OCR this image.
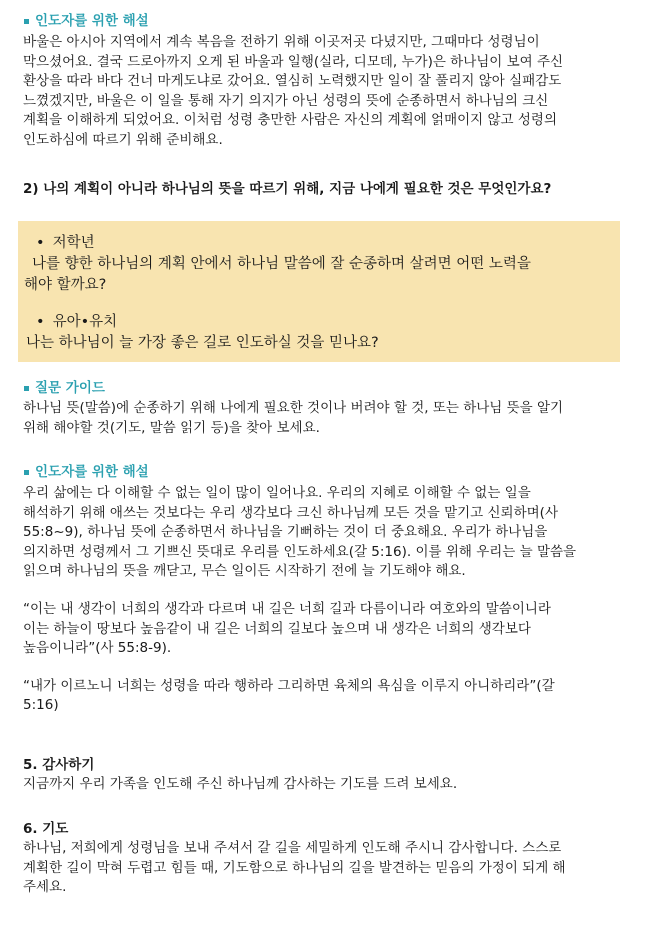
인도자를 위한 해설

바울은 아시아 지역에서 계속 복음을 전하기 위해 이곳저곳 다녔지만, 그때마다 성령님이
막으셨어요. 결국 드로아까지 오게 된 바울과 일행(실라, 디모데, 누가)은 하나님이 보여 주신
환상을 따라 바다 건너 마게도냐로 갔어요. 열심히 노력했지만 일이 잘 풀리지 않아 실패감도
느꼈겠지만, 바울은 이 일을 통해 자기 의지가 아닌 성령의 뜻에 순종하면서 하나님의 크신
계획을 이해하게 되었어요. 이처럼 성령 충만한 사람은 자신의 계획에 얽매이지 않고 성령의
인도하심에 따르기 위해 준비해요.

2) 나의 계획이 아니라 하나님의 뜻을 따르기 위해, 지금 나에게 필요한 것은 무엇인가요?
• 저학년
나를 향한 하나님의 계획 안에서 하나님 말씀에 잘 순종하며 살려면 어떤 노력을
해야 할까요?
• 유아•유치
나는 하나님이 늘 가장 좋은 길로 인도하실 것을 믿나요?
질문 가이드

하나님 뜻(말씀)에 순종하기 위해 나에게 필요한 것이나 버려야 할 것, 또는 하나님 뜻을 알기
위해 해야할 것(기도, 말씀 읽기 등)을 찾아 보세요.

인도자를 위한 해설

우리 삶에는 다 이해할 수 없는 일이 많이 일어나요. 우리의 지혜로 이해할 수 없는 일을
해석하기 위해 애쓰는 것보다는 우리 생각보다 크신 하나님께 모든 것을 맡기고 신뢰하며(사
55:8~9), 하나님 뜻에 순종하면서 하나님을 기뻐하는 것이 더 중요해요. 우리가 하나님을
의지하면 성령께서 그 기쁘신 뜻대로 우리를 인도하세요(갈 5:16). 이를 위해 우리는 늘 말씀을
읽으며 하나님의 뜻을 깨닫고, 무슨 일이든 시작하기 전에 늘 기도해야 해요.

“이는 내 생각이 너희의 생각과 다르며 내 길은 너희 길과 다름이니라 여호와의 말씀이니라
이는 하늘이 땅보다 높음같이 내 길은 너희의 길보다 높으며 내 생각은 너희의 생각보다
높음이니라”(사 55:8-9).

“내가 이르노니 너희는 성령을 따라 행하라 그리하면 육체의 욕심을 이루지 아니하리라”(갈
5:16)

5. 감사하기

지금까지 우리 가족을 인도해 주신 하나님께 감사하는 기도를 드려 보세요.

6. 기도

하나님, 저희에게 성령님을 보내 주셔서 갈 길을 세밀하게 인도해 주시니 감사합니다. 스스로
계획한 길이 막혀 두렵고 힘들 때, 기도함으로 하나님의 길을 발견하는 믿음의 가정이 되게 해
주세요.
